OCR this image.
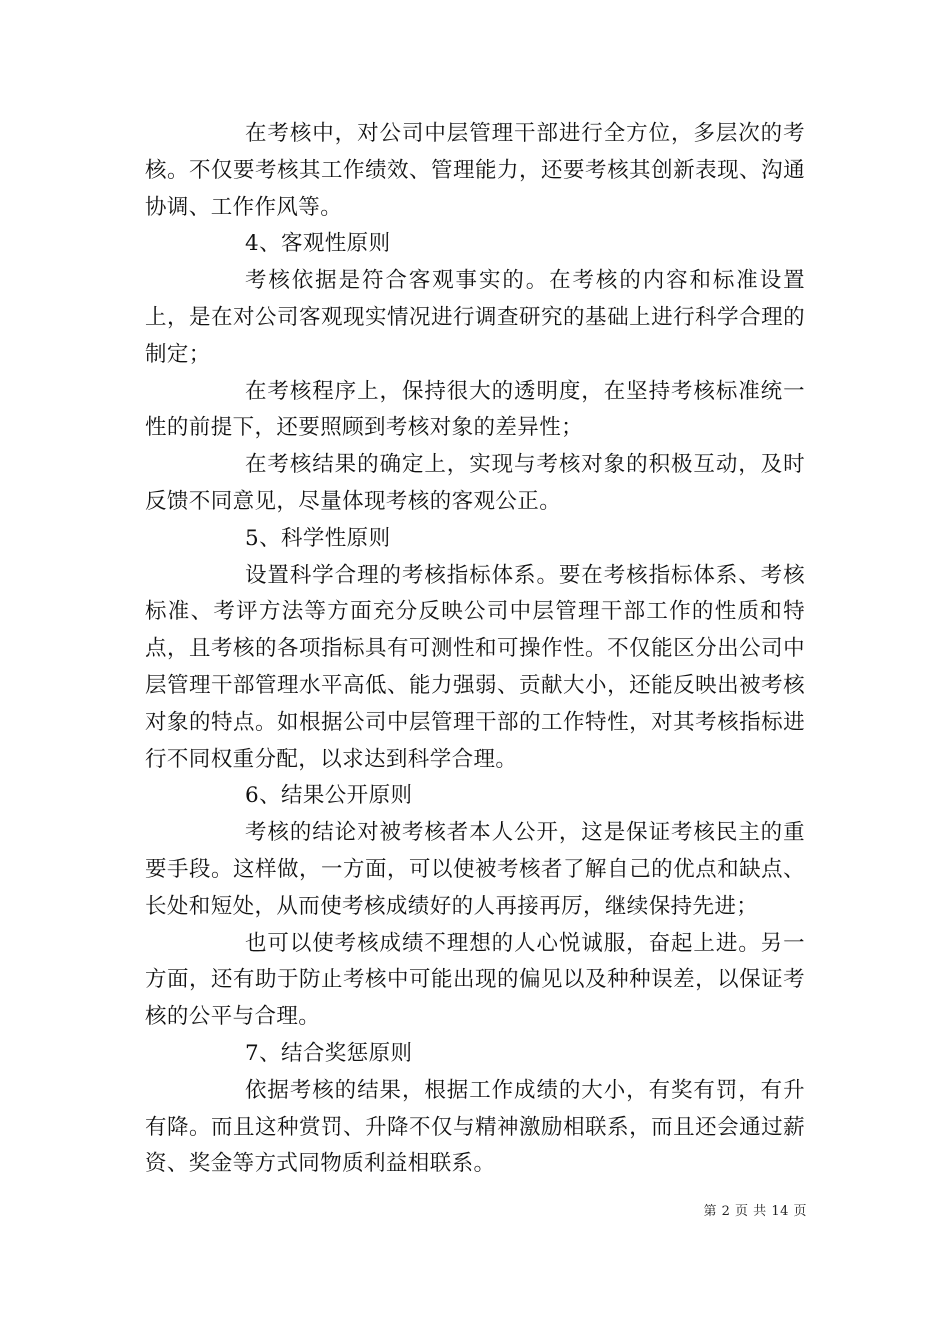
在考核中，对公司中层管理干部进行全方位，多层次的考核。不仅要考核其工作绩效、管理能力，还要考核其创新表现、沟通协调、工作作风等。

4、客观性原则

考核依据是符合客观事实的。在考核的内容和标准设置上，是在对公司客观现实情况进行调查研究的基础上进行科学合理的制定；

在考核程序上，保持很大的透明度，在坚持考核标准统一性的前提下，还要照顾到考核对象的差异性；

在考核结果的确定上，实现与考核对象的积极互动，及时反馈不同意见，尽量体现考核的客观公正。

5、科学性原则

设置科学合理的考核指标体系。要在考核指标体系、考核标准、考评方法等方面充分反映公司中层管理干部工作的性质和特点，且考核的各项指标具有可测性和可操作性。不仅能区分出公司中层管理干部管理水平高低、能力强弱、贡献大小，还能反映出被考核对象的特点。如根据公司中层管理干部的工作特性，对其考核指标进行不同权重分配，以求达到科学合理。

6、结果公开原则

考核的结论对被考核者本人公开，这是保证考核民主的重要手段。这样做，一方面，可以使被考核者了解自己的优点和缺点、长处和短处，从而使考核成绩好的人再接再厉，继续保持先进；

也可以使考核成绩不理想的人心悦诚服，奋起上进。另一方面，还有助于防止考核中可能出现的偏见以及种种误差，以保证考核的公平与合理。

7、结合奖惩原则

依据考核的结果，根据工作成绩的大小，有奖有罚，有升有降。而且这种赏罚、升降不仅与精神激励相联系，而且还会通过薪资、奖金等方式同物质利益相联系。

第 2 页 共 14 页
